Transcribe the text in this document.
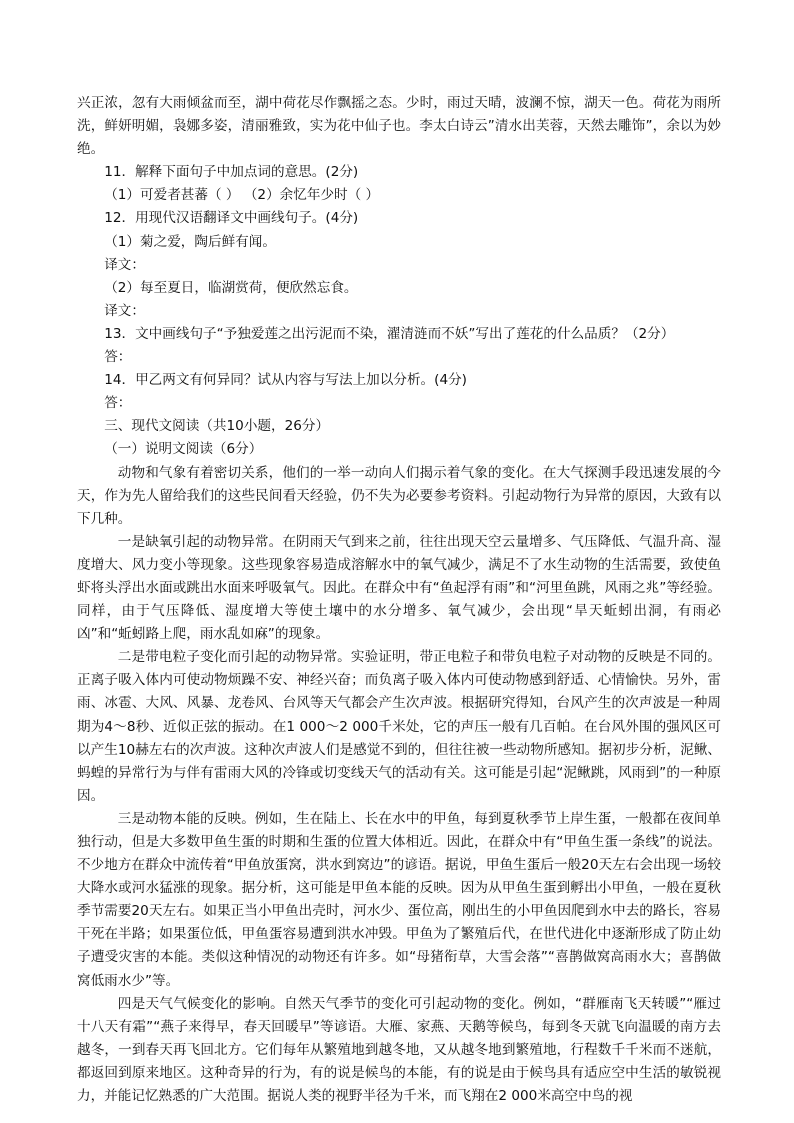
兴正浓，忽有大雨倾盆而至，湖中荷花尽作飘摇之态。少时，雨过天晴，波澜不惊，湖天一色。荷花为雨所洗，鲜妍明媚，袅娜多姿，清丽雅致，实为花中仙子也。李太白诗云”清水出芙蓉，天然去雕饰”，余以为妙绝。

11．解释下面句子中加点词的意思。(2分)

（1）可爱者甚蕃（ ） （2）余忆年少时（ ）

12．用现代汉语翻译文中画线句子。(4分)

（1）菊之爱，陶后鲜有闻。

译文：

（2）每至夏日，临湖赏荷，便欣然忘食。

译文：

13．文中画线句子“予独爱莲之出污泥而不染，濯清涟而不妖”写出了莲花的什么品质？（2分）

答：

14．甲乙两文有何异同？试从内容与写法上加以分析。(4分)

答：

三、现代文阅读（共10小题，26分）

（一）说明文阅读（6分）

动物和气象有着密切关系，他们的一举一动向人们揭示着气象的变化。在大气探测手段迅速发展的今天，作为先人留给我们的这些民间看天经验，仍不失为必要参考资料。引起动物行为异常的原因，大致有以下几种。

一是缺氧引起的动物异常。在阴雨天气到来之前，往往出现天空云量增多、气压降低、气温升高、湿度增大、风力变小等现象。这些现象容易造成溶解水中的氧气减少，满足不了水生动物的生活需要，致使鱼虾将头浮出水面或跳出水面来呼吸氧气。因此。在群众中有“鱼起浮有雨”和“河里鱼跳，风雨之兆”等经验。同样，由于气压降低、湿度增大等使土壤中的水分增多、氧气减少，会出现“旱天蚯蚓出洞，有雨必凶”和“蚯蚓路上爬，雨水乱如麻”的现象。

二是带电粒子变化而引起的动物异常。实验证明，带正电粒子和带负电粒子对动物的反映是不同的。正离子吸入体内可使动物烦躁不安、神经兴奋；而负离子吸入体内可使动物感到舒适、心情愉快。另外，雷雨、冰雹、大风、风暴、龙卷风、台风等天气都会产生次声波。根据研究得知，台风产生的次声波是一种周期为4～8秒、近似正弦的振动。在1 000～2 000千米处，它的声压一般有几百帕。在台风外围的强风区可以产生10赫左右的次声波。这种次声波人们是感觉不到的，但往往被一些动物所感知。据初步分析，泥鳅、蚂蝗的异常行为与伴有雷雨大风的冷锋或切变线天气的活动有关。这可能是引起“泥鳅跳，风雨到”的一种原因。

三是动物本能的反映。例如，生在陆上、长在水中的甲鱼，每到夏秋季节上岸生蛋，一般都在夜间单独行动，但是大多数甲鱼生蛋的时期和生蛋的位置大体相近。因此，在群众中有“甲鱼生蛋一条线”的说法。不少地方在群众中流传着“甲鱼放蛋窝，洪水到窝边”的谚语。据说，甲鱼生蛋后一般20天左右会出现一场较大降水或河水猛涨的现象。据分析，这可能是甲鱼本能的反映。因为从甲鱼生蛋到孵出小甲鱼，一般在夏秋季节需要20天左右。如果正当小甲鱼出壳时，河水少、蛋位高，刚出生的小甲鱼因爬到水中去的路长，容易干死在半路；如果蛋位低，甲鱼蛋容易遭到洪水冲毁。甲鱼为了繁殖后代，在世代进化中逐渐形成了防止幼子遭受灾害的本能。类似这种情况的动物还有许多。如“母猪衔草，大雪会落”“喜鹊做窝高雨水大；喜鹊做窝低雨水少”等。

四是天气气候变化的影响。自然天气季节的变化可引起动物的变化。例如，“群雁南飞天转暖”“雁过十八天有霜”“燕子来得早，春天回暖早”等谚语。大雁、家燕、天鹅等候鸟，每到冬天就飞向温暖的南方去越冬，一到春天再飞回北方。它们每年从繁殖地到越冬地，又从越冬地到繁殖地，行程数千千米而不迷航，都返回到原来地区。这种奇异的行为，有的说是候鸟的本能，有的说是由于候鸟具有适应空中生活的敏锐视力，并能记忆熟悉的广大范围。据说人类的视野半径为千米，而飞翔在2 000米高空中鸟的视
